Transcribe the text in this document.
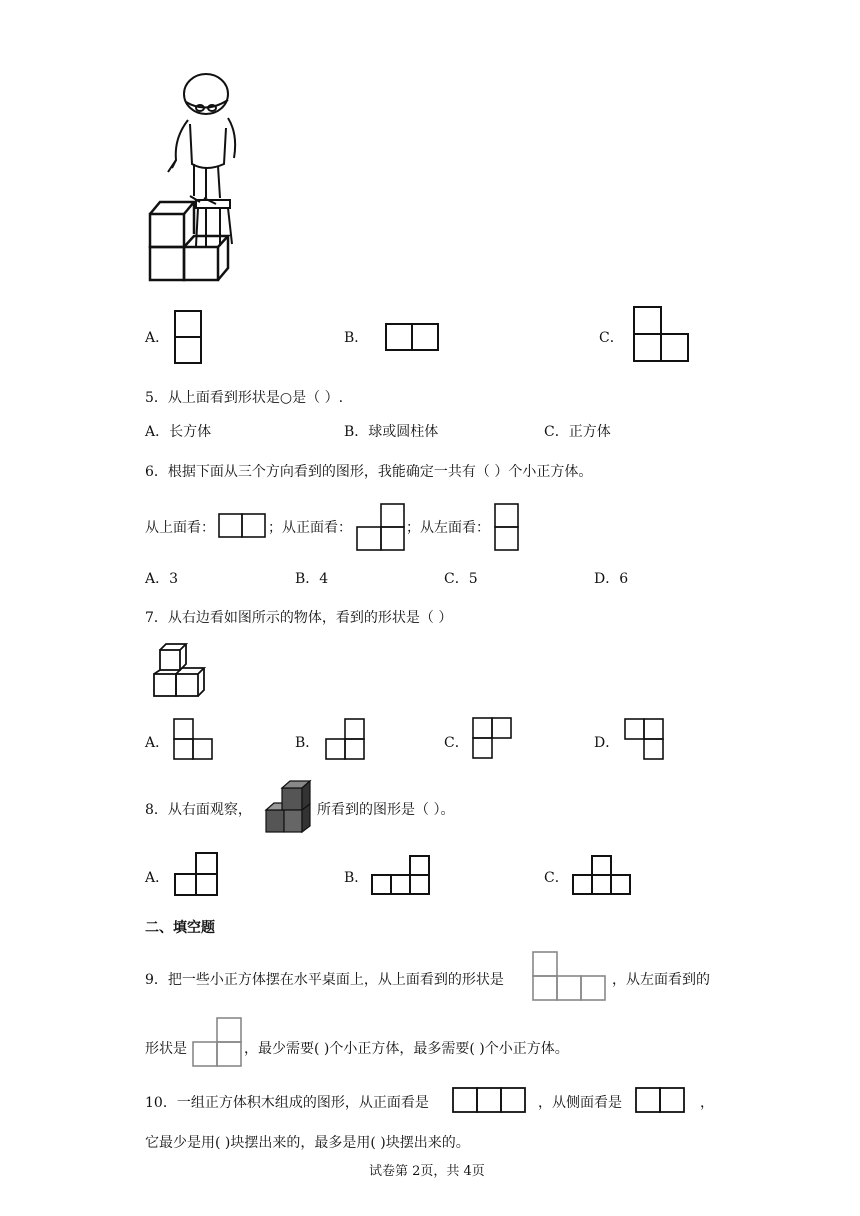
A．	B．	C．
5．从上面看到形状是○是（ ）.
A．长方体	B．球或圆柱体	C．正方体
6．根据下面从三个方向看到的图形，我能确定一共有（ ）个小正方体。
从上面看：	；从正面看：	；从左面看：
A．3	B．4	C．5	D．6
7．从右边看如图所示的物体，看到的形状是（ ）
A．	B．	C．	D．
8．从右面观察，	所看到的图形是（ ）。
A．	B．	C．
二、填空题
9．把一些小正方体摆在水平桌面上，从上面看到的形状是	，从左面看到的
形状是	，最少需要( )个小正方体，最多需要( )个小正方体。
10．一组正方体积木组成的图形，从正面看是	，从侧面看是	，
它最少是用( )块摆出来的，最多是用( )块摆出来的。
试卷第 2页，共 4页
